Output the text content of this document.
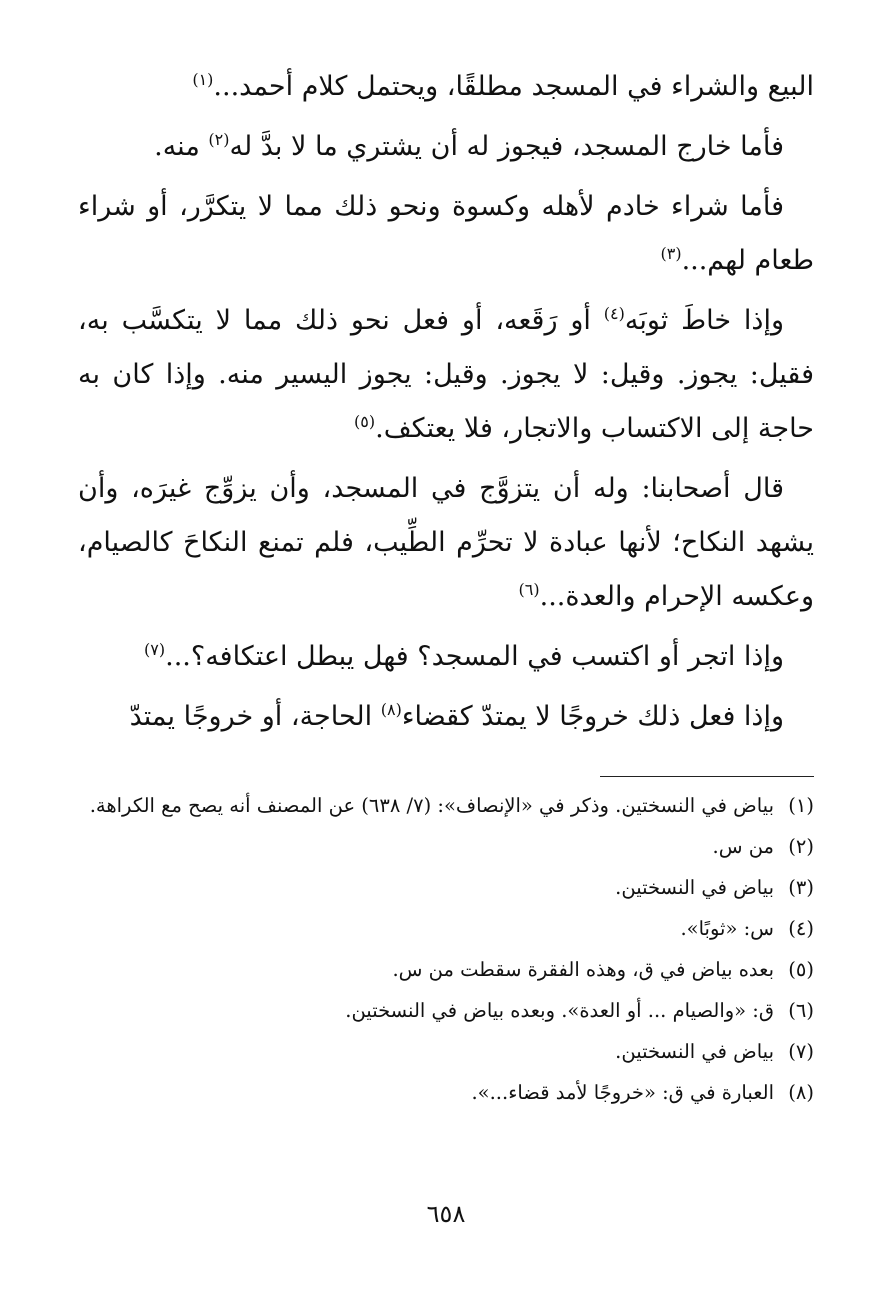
البيع والشراء في المسجد مطلقًا، ويحتمل كلام أحمد...$^{(١)}$

فأما خارج المسجد، فيجوز له أن يشتري ما لا بدَّ له$^{(٢)}$ منه.

فأما شراء خادم لأهله وكسوة ونحو ذلك مما لا يتكرَّر، أو شراء طعام لهم...$^{(٣)}$

وإذا خاطَ ثوبَه$^{(٤)}$ أو رَقَعه، أو فعل نحو ذلك مما لا يتكسَّب به، فقيل: يجوز. وقيل: لا يجوز. وقيل: يجوز اليسير منه. وإذا كان به حاجة إلى الاكتساب والاتجار، فلا يعتكف.$^{(٥)}$

قال أصحابنا: وله أن يتزوَّج في المسجد، وأن يزوِّج غيرَه، وأن يشهد النكاح؛ لأنها عبادة لا تحرِّم الطِّيب، فلم تمنع النكاحَ كالصيام، وعكسه الإحرام والعدة...$^{(٦)}$

وإذا اتجر أو اكتسب في المسجد؟ فهل يبطل اعتكافه؟...$^{(٧)}$

وإذا فعل ذلك خروجًا لا يمتدّ كقضاء$^{(٨)}$ الحاجة، أو خروجًا يمتدّ

(١)
بياض في النسختين. وذكر في «الإنصاف»: (٧/ ٦٣٨) عن المصنف أنه يصح مع الكراهة.
(٢)
من س.
(٣)
بياض في النسختين.
(٤)
س: «ثوبًا».
(٥)
بعده بياض في ق، وهذه الفقرة سقطت من س.
(٦)
ق: «والصيام ... أو العدة». وبعده بياض في النسختين.
(٧)
بياض في النسختين.
(٨)
العبارة في ق: «خروجًا لأمد قضاء...».
٦٥٨
